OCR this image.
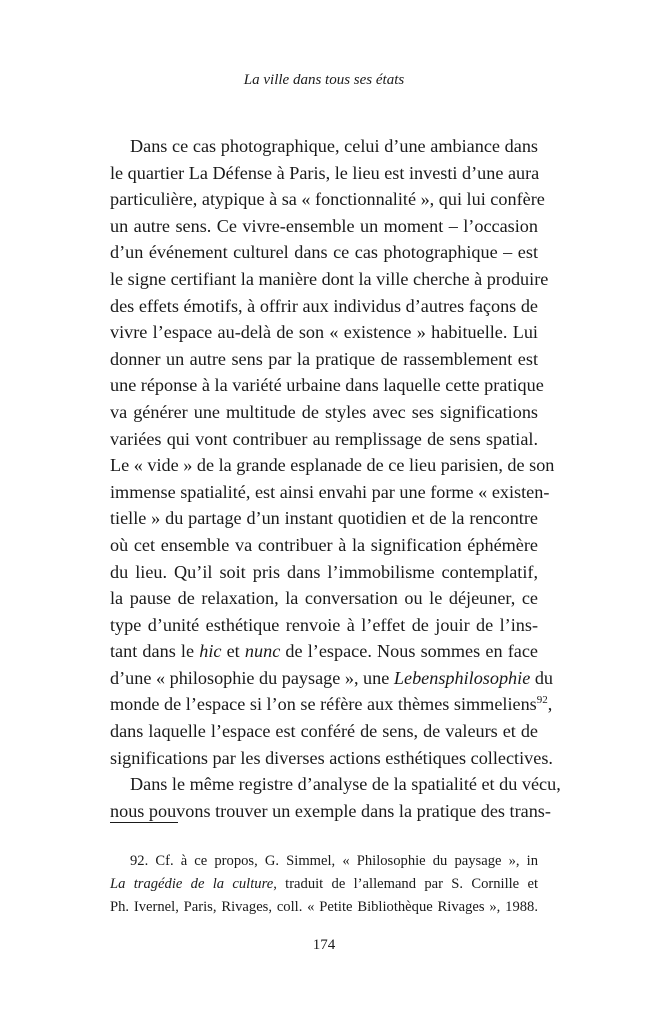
La ville dans tous ses états
Dans ce cas photographique, celui d’une ambiance dans
le quartier La Défense à Paris, le lieu est investi d’une aura
particulière, atypique à sa « fonctionnalité », qui lui confère
un autre sens. Ce vivre-ensemble un moment – l’occasion
d’un événement culturel dans ce cas photographique – est
le signe certifiant la manière dont la ville cherche à produire
des effets émotifs, à offrir aux individus d’autres façons de
vivre l’espace au-delà de son « existence » habituelle. Lui
donner un autre sens par la pratique de rassemblement est
une réponse à la variété urbaine dans laquelle cette pratique
va générer une multitude de styles avec ses significations
variées qui vont contribuer au remplissage de sens spatial.
Le « vide » de la grande esplanade de ce lieu parisien, de son
immense spatialité, est ainsi envahi par une forme « existen-
tielle » du partage d’un instant quotidien et de la rencontre
où cet ensemble va contribuer à la signification éphémère
du lieu. Qu’il soit pris dans l’immobilisme contemplatif,
la pause de relaxation, la conversation ou le déjeuner, ce
type d’unité esthétique renvoie à l’effet de jouir de l’ins-
tant dans le hic et nunc de l’espace. Nous sommes en face
d’une « philosophie du paysage », une Lebensphilosophie du
monde de l’espace si l’on se réfère aux thèmes simmeliens$^{92}$,
dans laquelle l’espace est conféré de sens, de valeurs et de
significations par les diverses actions esthétiques collectives.
Dans le même registre d’analyse de la spatialité et du vécu,
nous pouvons trouver un exemple dans la pratique des trans-
92. Cf. à ce propos, G. Simmel, « Philosophie du paysage », in
La tragédie de la culture, traduit de l’allemand par S. Cornille et
Ph. Ivernel, Paris, Rivages, coll. « Petite Bibliothèque Rivages », 1988.
174
